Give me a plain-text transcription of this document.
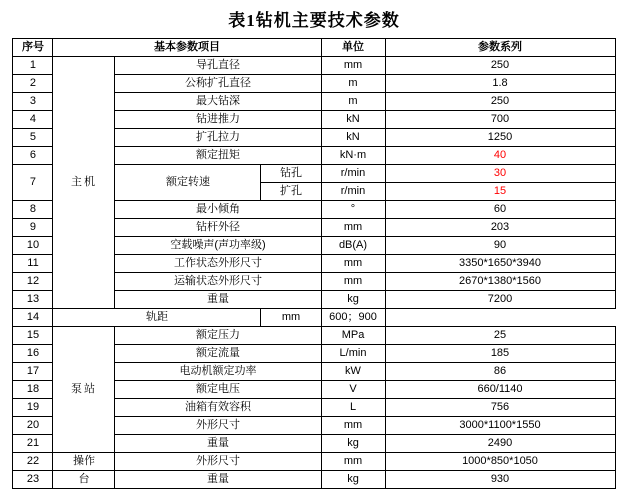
表1钻机主要技术参数
序号	基本参数项目			单位	参数系列
1	主机	导孔直径		mm	250
2		公称扩孔直径		m	1.8
3		最大钻深		m	250
4		钻进推力		kN	700
5		扩孔拉力		kN	1250
6		额定扭矩		kN·m	40
7		额定转速	钻孔	r/min	30
			扩孔	r/min	15
8		最小倾角		°	60
9		钻杆外径		mm	203
10		空载噪声(声功率级)		dB(A)	90
11		工作状态外形尺寸		mm	3350*1650*3940
12		运输状态外形尺寸		mm	2670*1380*1560
13		重量		kg	7200
14	轨距		mm	600；900	
15	泵站	额定压力		MPa	25
16		额定流量		L/min	185
17		电动机额定功率		kW	86
18		额定电压		V	660/1140
19		油箱有效容积		L	756
20		外形尺寸		mm	3000*1100*1550
21		重量		kg	2490
22	操作	外形尺寸		mm	1000*850*1050
23	台	重量		kg	930
